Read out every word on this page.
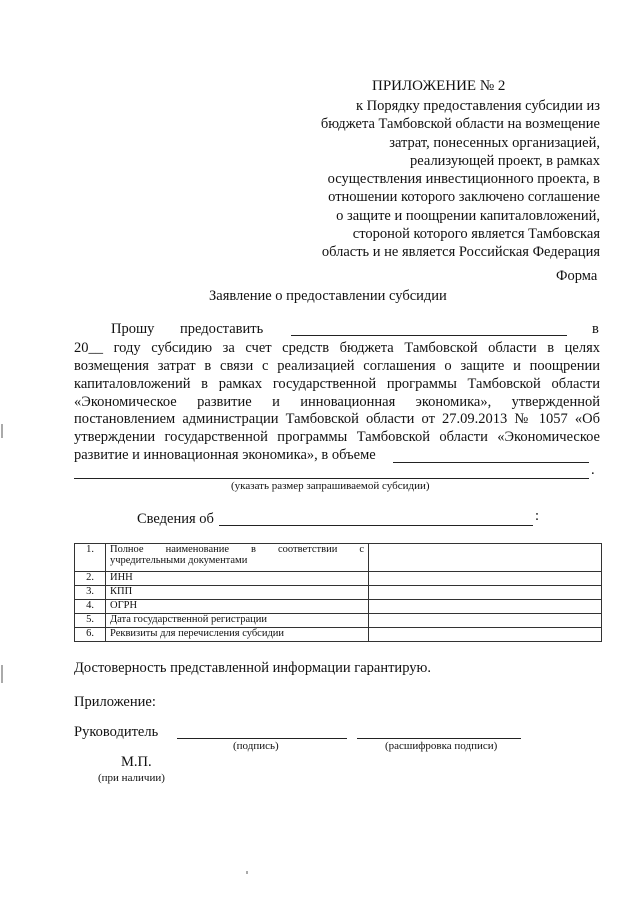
ПРИЛОЖЕНИЕ № 2
к Порядку предоставления субсидии из
бюджета Тамбовской области на возмещение
затрат, понесенных организацией,
реализующей проект, в рамках
осуществления инвестиционного проекта, в
отношении которого заключено соглашение
о защите и поощрении капиталовложений,
стороной которого является Тамбовская
область и не является Российская Федерация
Форма
Заявление о предоставлении субсидии
Прошу предоставить	в
20__ году субсидию за счет средств бюджета Тамбовской области в целях
возмещения затрат в связи с реализацией соглашения о защите и поощрении
капиталовложений в рамках государственной программы Тамбовской области
«Экономическое развитие и инновационная экономика», утвержденной
постановлением администрации Тамбовской области от 27.09.2013 № 1057 «Об
утверждении государственной программы Тамбовской области «Экономическое
развитие и инновационная экономика», в объеме
.
(указать размер запрашиваемой субсидии)
Сведения об	:
1.	Полное наименование в соответствии с
учредительными документами	
2.	ИНН	
3.	КПП	
4.	ОГРН	
5.	Дата государственной регистрации	
6.	Реквизиты для перечисления субсидии	
Достоверность представленной информации гарантирую.
Приложение:
Руководитель
(подпись)	(расшифровка подписи)
М.П.
(при наличии)
